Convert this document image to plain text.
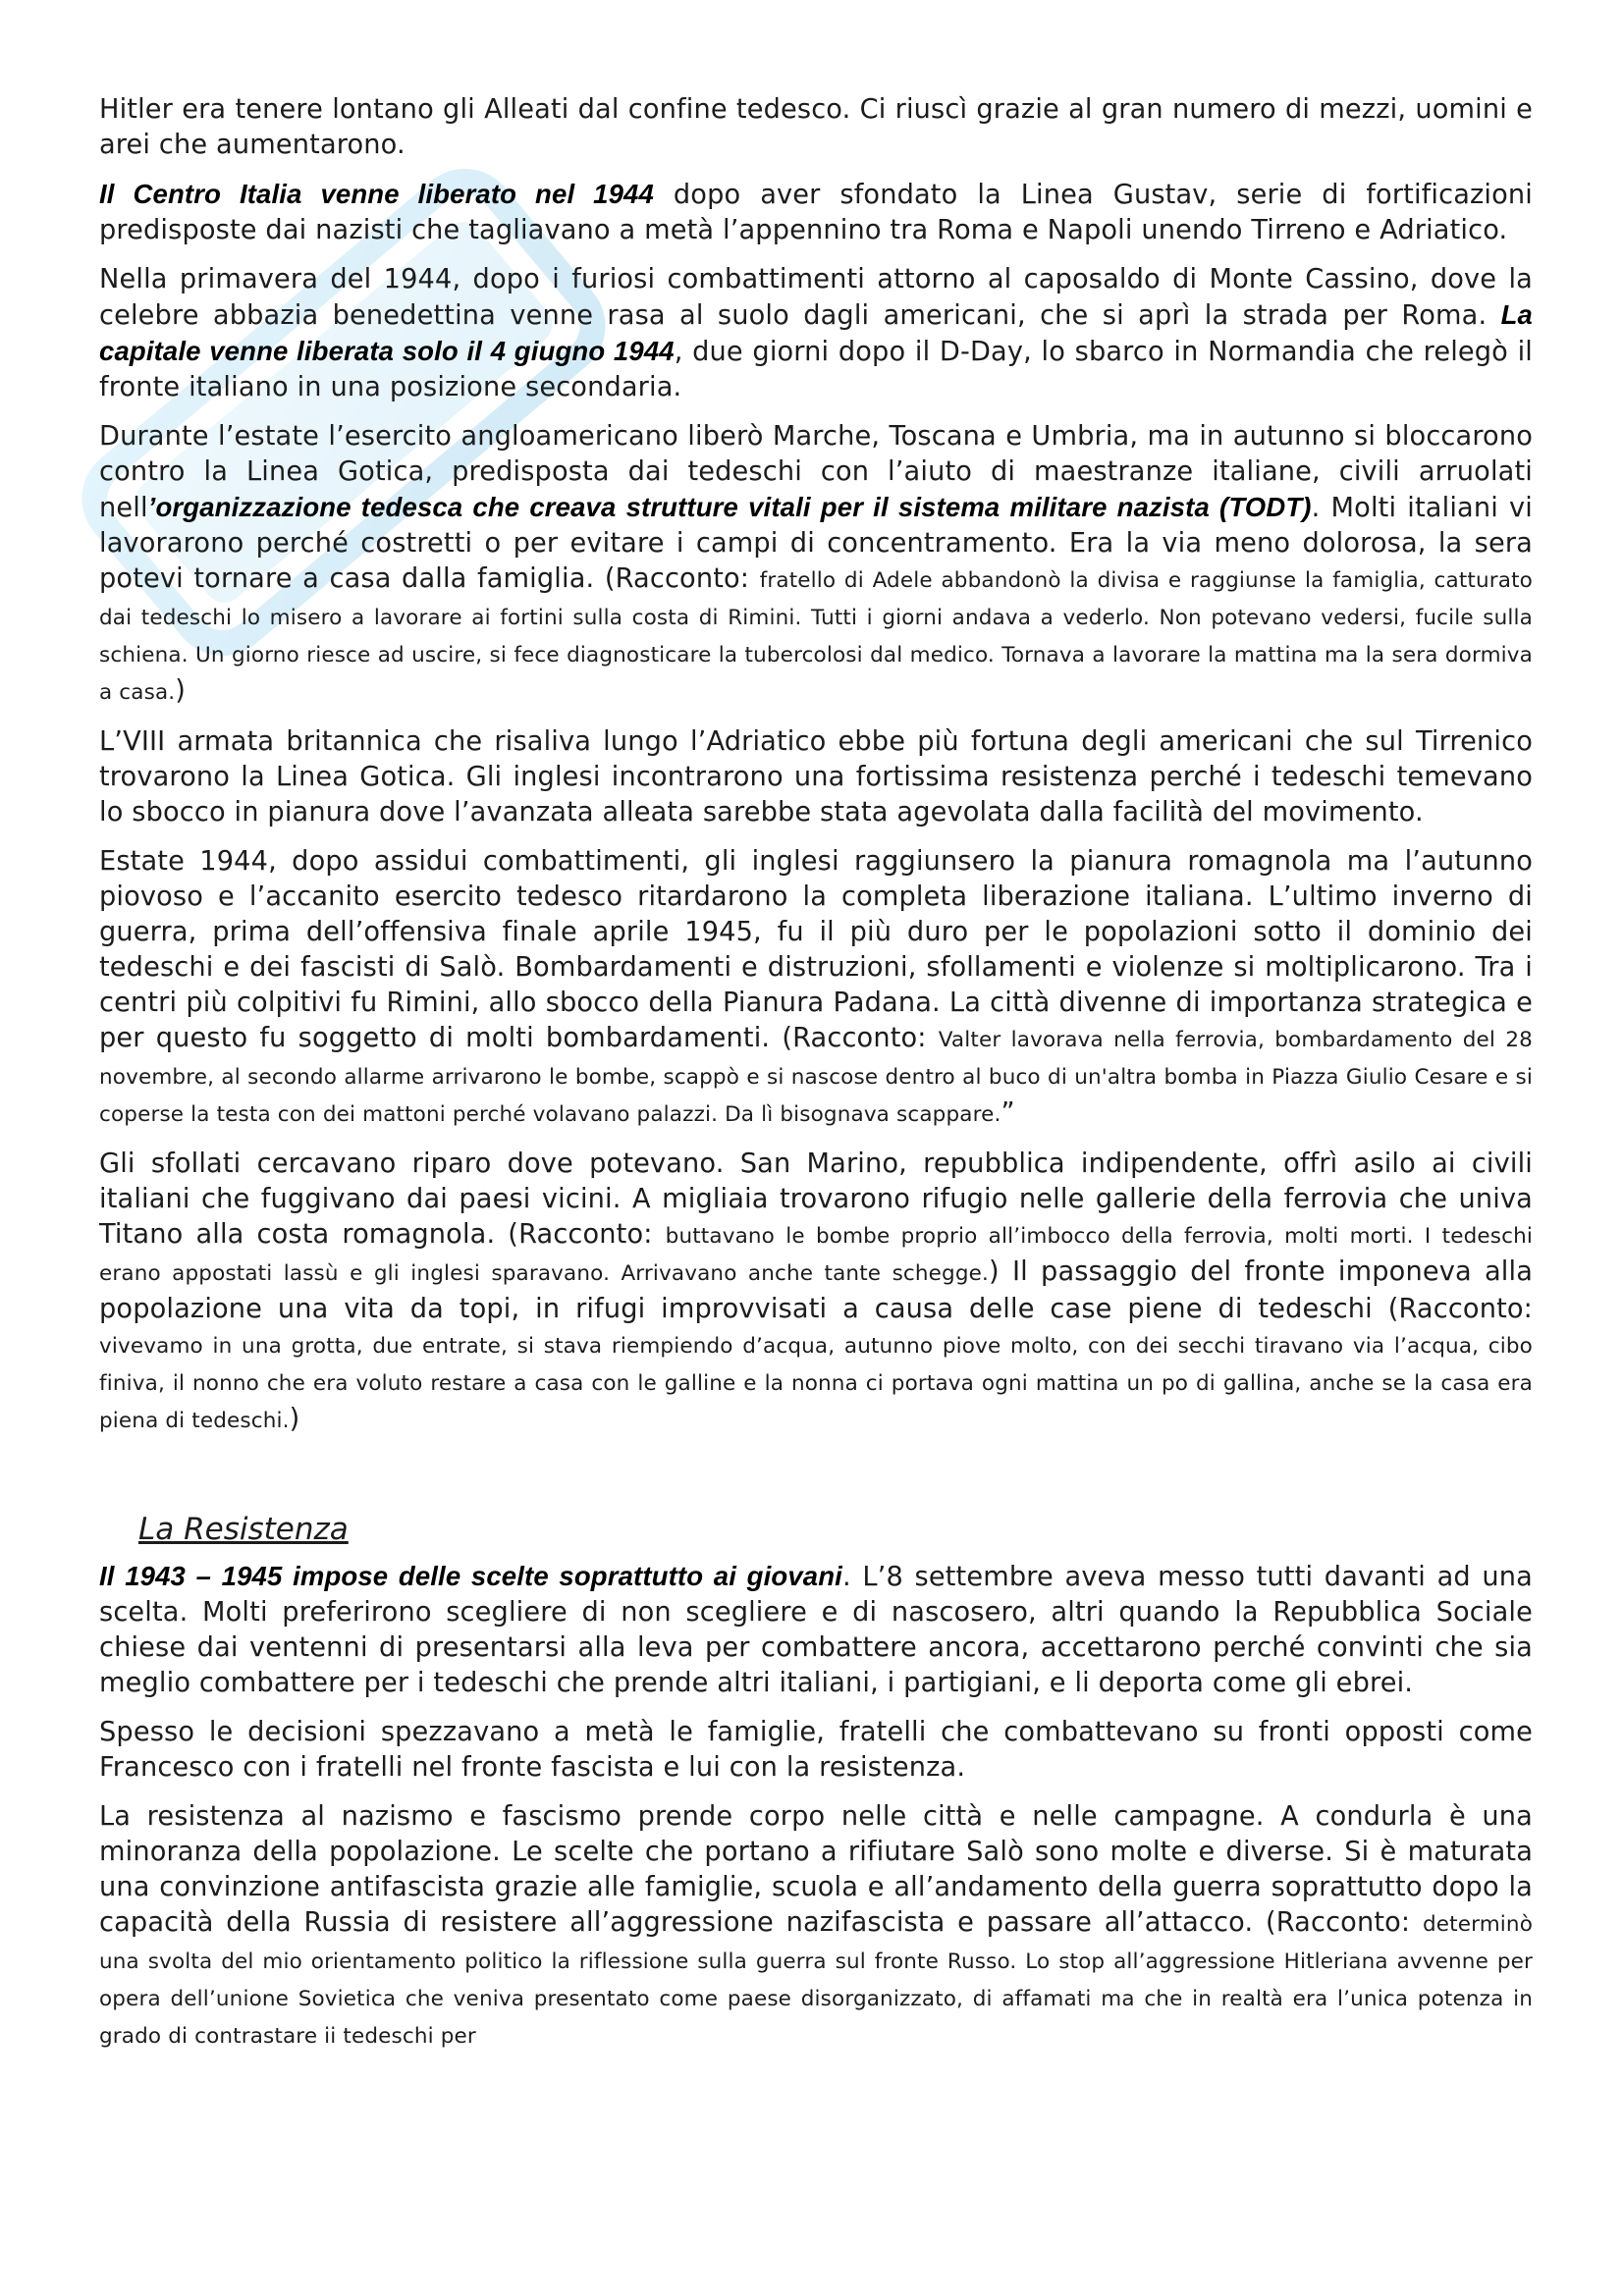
Hitler era tenere lontano gli Alleati dal confine tedesco. Ci riuscì grazie al gran numero di mezzi, uomini e arei che aumentarono.

Il Centro Italia venne liberato nel 1944 dopo aver sfondato la Linea Gustav, serie di fortificazioni predisposte dai nazisti che tagliavano a metà l’appennino tra Roma e Napoli unendo Tirreno e Adriatico.

Nella primavera del 1944, dopo i furiosi combattimenti attorno al caposaldo di Monte Cassino, dove la celebre abbazia benedettina venne rasa al suolo dagli americani, che si aprì la strada per Roma. La capitale venne liberata solo il 4 giugno 1944, due giorni dopo il D-Day, lo sbarco in Normandia che relegò il fronte italiano in una posizione secondaria.

Durante l’estate l’esercito angloamericano liberò Marche, Toscana e Umbria, ma in autunno si bloccarono contro la Linea Gotica, predisposta dai tedeschi con l’aiuto di maestranze italiane, civili arruolati nell’organizzazione tedesca che creava strutture vitali per il sistema militare nazista (TODT). Molti italiani vi lavorarono perché costretti o per evitare i campi di concentramento. Era la via meno dolorosa, la sera potevi tornare a casa dalla famiglia. (Racconto: fratello di Adele abbandonò la divisa e raggiunse la famiglia, catturato dai tedeschi lo misero a lavorare ai fortini sulla costa di Rimini. Tutti i giorni andava a vederlo. Non potevano vedersi, fucile sulla schiena. Un giorno riesce ad uscire, si fece diagnosticare la tubercolosi dal medico. Tornava a lavorare la mattina ma la sera dormiva a casa.)

L’VIII armata britannica che risaliva lungo l’Adriatico ebbe più fortuna degli americani che sul Tirrenico trovarono la Linea Gotica. Gli inglesi incontrarono una fortissima resistenza perché i tedeschi temevano lo sbocco in pianura dove l’avanzata alleata sarebbe stata agevolata dalla facilità del movimento.

Estate 1944, dopo assidui combattimenti, gli inglesi raggiunsero la pianura romagnola ma l’autunno piovoso e l’accanito esercito tedesco ritardarono la completa liberazione italiana. L’ultimo inverno di guerra, prima dell’offensiva finale aprile 1945, fu il più duro per le popolazioni sotto il dominio dei tedeschi e dei fascisti di Salò. Bombardamenti e distruzioni, sfollamenti e violenze si moltiplicarono. Tra i centri più colpitivi fu Rimini, allo sbocco della Pianura Padana. La città divenne di importanza strategica e per questo fu soggetto di molti bombardamenti. (Racconto: Valter lavorava nella ferrovia, bombardamento del 28 novembre, al secondo allarme arrivarono le bombe, scappò e si nascose dentro al buco di un'altra bomba in Piazza Giulio Cesare e si coperse la testa con dei mattoni perché volavano palazzi. Da lì bisognava scappare.”

Gli sfollati cercavano riparo dove potevano. San Marino, repubblica indipendente, offrì asilo ai civili italiani che fuggivano dai paesi vicini. A migliaia trovarono rifugio nelle gallerie della ferrovia che univa Titano alla costa romagnola. (Racconto: buttavano le bombe proprio all’imbocco della ferrovia, molti morti. I tedeschi erano appostati lassù e gli inglesi sparavano. Arrivavano anche tante schegge.) Il passaggio del fronte imponeva alla popolazione una vita da topi, in rifugi improvvisati a causa delle case piene di tedeschi (Racconto: vivevamo in una grotta, due entrate, si stava riempiendo d’acqua, autunno piove molto, con dei secchi tiravano via l’acqua, cibo finiva, il nonno che era voluto restare a casa con le galline e la nonna ci portava ogni mattina un po di gallina, anche se la casa era piena di tedeschi.)

La Resistenza

Il 1943 – 1945 impose delle scelte soprattutto ai giovani. L’8 settembre aveva messo tutti davanti ad una scelta. Molti preferirono scegliere di non scegliere e di nascosero, altri quando la Repubblica Sociale chiese dai ventenni di presentarsi alla leva per combattere ancora, accettarono perché convinti che sia meglio combattere per i tedeschi che prende altri italiani, i partigiani, e li deporta come gli ebrei.

Spesso le decisioni spezzavano a metà le famiglie, fratelli che combattevano su fronti opposti come Francesco con i fratelli nel fronte fascista e lui con la resistenza.

La resistenza al nazismo e fascismo prende corpo nelle città e nelle campagne. A condurla è una minoranza della popolazione. Le scelte che portano a rifiutare Salò sono molte e diverse. Si è maturata una convinzione antifascista grazie alle famiglie, scuola e all’andamento della guerra soprattutto dopo la capacità della Russia di resistere all’aggressione nazifascista e passare all’attacco. (Racconto: determinò una svolta del mio orientamento politico la riflessione sulla guerra sul fronte Russo. Lo stop all’aggressione Hitleriana avvenne per opera dell’unione Sovietica che veniva presentato come paese disorganizzato, di affamati ma che in realtà era l’unica potenza in grado di contrastare ii tedeschi per
